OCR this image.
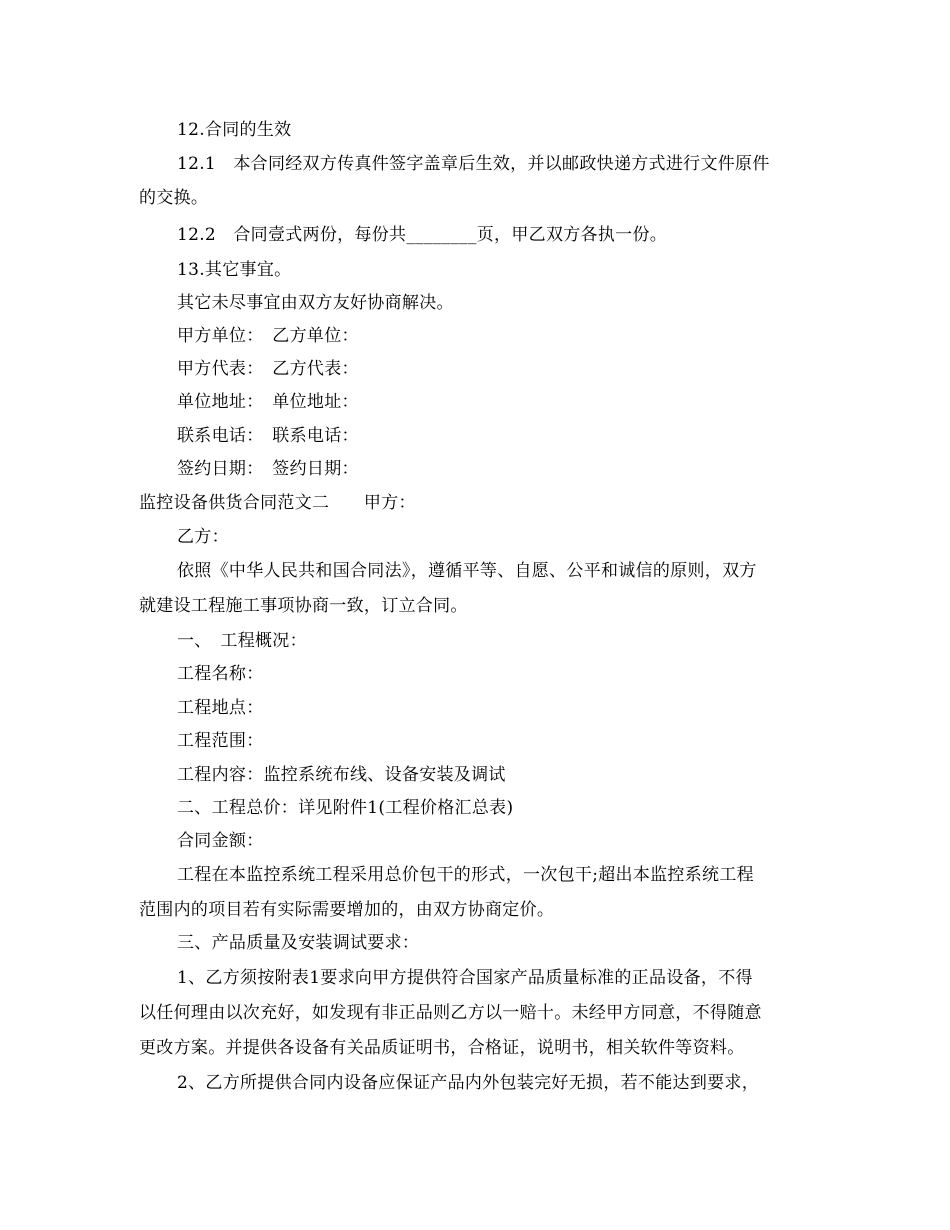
12.合同的生效
12.1　本合同经双方传真件签字盖章后生效，并以邮政快递方式进行文件原件
的交换。
12.2　合同壹式两份，每份共________页，甲乙双方各执一份。
13.其它事宜。
其它未尽事宜由双方友好协商解决。
甲方单位：　乙方单位：
甲方代表：　乙方代表：
单位地址：　单位地址：
联系电话：　联系电话：
签约日期：　签约日期：
监控设备供货合同范文二　　甲方：
乙方：
依照《中华人民共和国合同法》，遵循平等、自愿、公平和诚信的原则，双方
就建设工程施工事项协商一致，订立合同。
一、　工程概况：
工程名称：
工程地点：
工程范围：
工程内容：监控系统布线、设备安装及调试
二、工程总价：详见附件1(工程价格汇总表)
合同金额：
工程在本监控系统工程采用总价包干的形式，一次包干;超出本监控系统工程
范围内的项目若有实际需要增加的，由双方协商定价。
三、产品质量及安装调试要求：
1、乙方须按附表1要求向甲方提供符合国家产品质量标准的正品设备，不得
以任何理由以次充好，如发现有非正品则乙方以一赔十。未经甲方同意，不得随意
更改方案。并提供各设备有关品质证明书，合格证，说明书，相关软件等资料。
2、乙方所提供合同内设备应保证产品内外包装完好无损，若不能达到要求，
